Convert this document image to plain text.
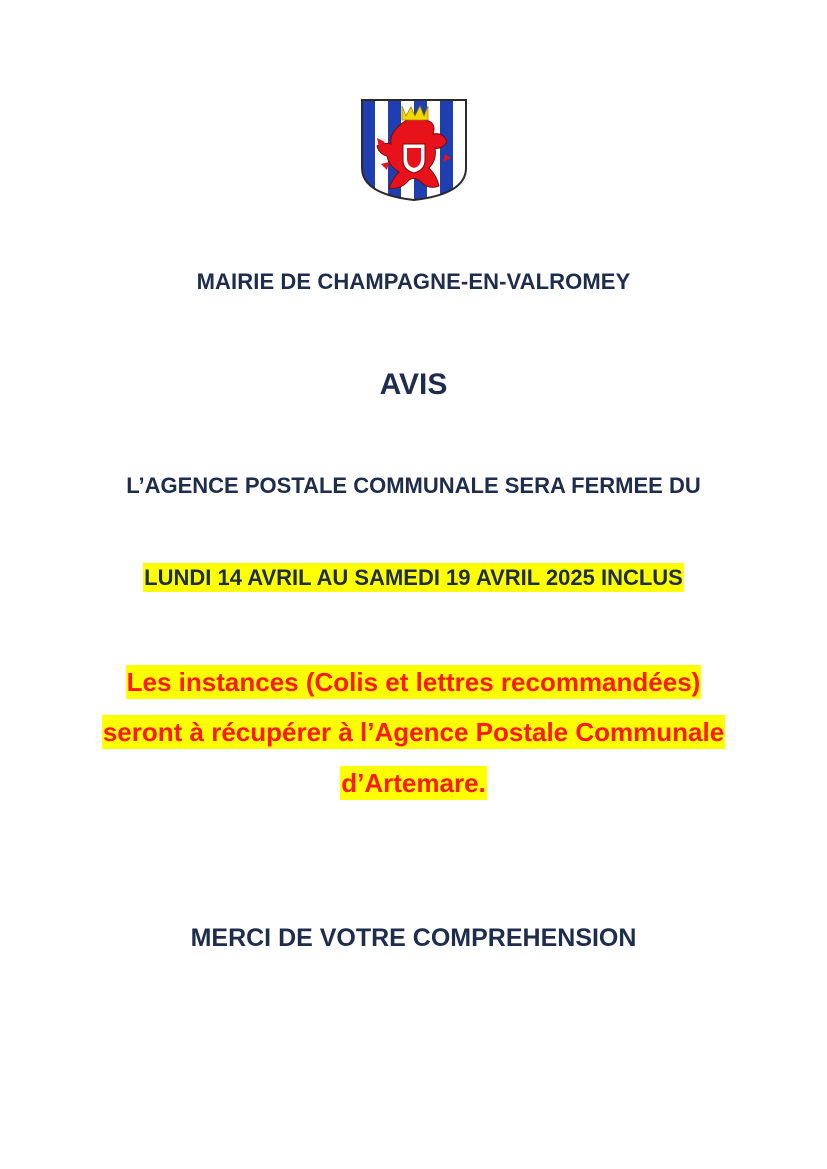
MAIRIE DE CHAMPAGNE-EN-VALROMEY
AVIS
L’AGENCE POSTALE COMMUNALE SERA FERMEE DU
LUNDI 14 AVRIL AU SAMEDI 19 AVRIL 2025 INCLUS
Les instances (Colis et lettres recommandées)
seront à récupérer à l’Agence Postale Communale
d’Artemare.
MERCI DE VOTRE COMPREHENSION
